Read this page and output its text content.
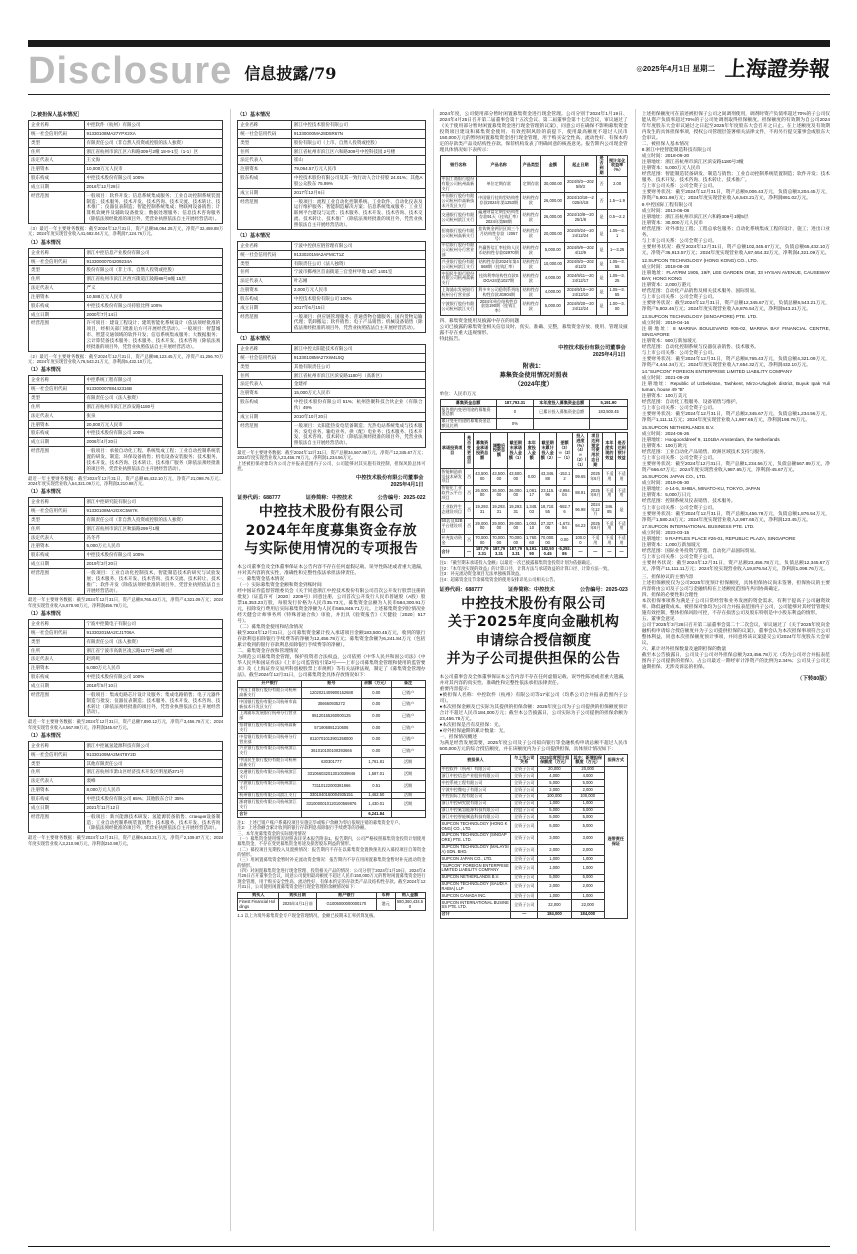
Disclosure 信息披露/79	◎2025年4月1日 星期二 上海證券報
［2.被担保人基本情况］
企业名称	中控软件（杭州）有限公司
统一社会信用代码	91330108MA27YPX2XA
类型	有限责任公司（非自然人投资或控股的法人独资）
住所	浙江省杭州市滨江区六和路309号2幢 18-9-1室（1-1）区
法定代表人	王文海
注册资本	10,000万元人民币
股东构成	中控技术股份有限公司 100%
成立日期	2016年12月28日
经营范围	一般项目：软件开发；信息系统集成服务；工业自动控制系统装置制造；技术服务、技术开发、技术咨询、技术交流、技术转让、技术推广；仪器仪表制造；智能控制系统集成；物联网设备销售；计算机软硬件及辅助设备批发；数据处理服务；信息技术咨询服务（除依法须经批准的项目外，凭营业执照依法自主开展经营活动）。
（3）最近一年主要财务数据：截至2024年12月31日，资产总额56,064.25万元，净资产32,459.88万元；2024年度实现营业收入41,682.04万元，净利润7,124.76万元。
（1）基本情况
企业名称	浙江中控信息产业股份有限公司
统一社会信用代码	91330000704209234A
类型	股份有限公司（非上市、自然人投资或控股）
住所	浙江省杭州市滨江区西兴街道江陵路88号6幢 15层
法定代表人	严义
注册资本	10,588万元人民币
股东构成	中控技术股份有限公司持股比例 100%
成立日期	2000年7月14日
经营范围	许可项目：建设工程设计；建筑智能化系统设计（依法须经批准的项目，经相关部门批准后方可开展经营活动）。一般项目：智慧城市、智慧交通领域的软件开发；信息系统集成服务；大数据服务；云计算装备技术服务；技术服务、技术开发、技术咨询（除依法须经批准的项目外，凭营业执照依法自主开展经营活动）。
（2）最近一年主要财务数据：截至2024年12月31日，资产总额98,123.45万元，净资产41,256.70万元；2024年度实现营业收入76,543.21万元，净利润5,432.10万元。
（1）基本情况
企业名称	中控系统工程有限公司
统一社会信用代码	91330000788442316B
类型	有限责任公司（法人独资）
住所	浙江省杭州市滨江区滨安路1180号
法定代表人	张泉
注册资本	20,000万元人民币
股东构成	中控技术股份有限公司 100%
成立日期	2006年4月20日
经营范围	一般项目：承接自动化工程、系统集成工程；工业自动控制系统装置的研发、制造；环保设备销售；机电设备安装服务；技术服务、技术开发、技术咨询、技术转让、技术推广服务（除依法须经批准的项目外，凭营业执照依法自主开展经营活动）。
最近一年主要财务数据：截至2024年12月31日，资产总额65,432.10万元，净资产21,098.76万元；2024年度实现营业收入54,321.09万元，净利润3,210.98万元。
（1）基本情况
企业名称	浙江中控研究院有限公司
统一社会信用代码	91330108MA2GXC5W7K
类型	有限责任公司（非自然人投资或控股的法人独资）
住所	浙江省杭州市滨江区秋溢路299号1幢
法定代表人	冯冬芹
注册资本	5,000万元人民币
股东构成	中控技术股份有限公司 100%
成立日期	2019年3月20日
经营范围	一般项目：工业自动化控制技术、智能制造技术的研究与试验发展；技术服务、技术开发、技术咨询、技术交流、技术转让、技术推广；软件开发（除依法须经批准的项目外，凭营业执照依法自主开展经营活动）。
最近一年主要财务数据：截至2024年12月31日，资产总额8,765.43万元，净资产4,321.09万元；2024年度实现营业收入5,678.90万元，净利润456.78万元。
（1）基本情况
企业名称	宁波中控微电子有限公司
统一社会信用代码	91330201MA2CJ1T06A
类型	有限责任公司（法人独资）
住所	浙江省宁波市高新区凌云路1177号29幢 4层
法定代表人	赵鸿鸣
注册资本	6,000万元人民币
股东构成	中控技术股份有限公司 100%
成立日期	2018年5月10日
经营范围	一般项目：集成电路芯片设计及服务；集成电路销售；电子元器件制造与批发；仪器仪表制造；技术服务、技术开发、技术咨询、技术转让（除依法须经批准的项目外，凭营业执照依法自主开展经营活动）。
最近一年主要财务数据：截至2024年12月31日，资产总额7,890.12万元，净资产3,456.78万元；2024年度实现营业收入4,567.89万元，净利润345.67万元。
（1）基本情况
企业名称	浙江中控氟氢能源科技有限公司
统一社会信用代码	91330109MA2M4T8Y2D
类型	其他有限责任公司
住所	浙江省杭州市萧山区经济技术开发区明星路371号
法定代表人	裘峰
注册资本	8,000万元人民币
股东构成	中控技术股份有限公司 65%；其他股东合计 35%
成立日期	2021年11月12日
经营范围	一般项目：新兴能源技术研发；氢能源装备销售；станция设备制造；工业自动控制系统装置销售；技术服务、技术开发、技术咨询（除依法须经批准的项目外，凭营业执照依法自主开展经营活动）。
最近一年主要财务数据：截至2024年12月31日，资产总额6,543.21万元，净资产2,109.87万元；2024年度实现营业收入3,210.98万元，净利润210.98万元。
（1）基本情况
企业名称	浙江中控技术股份有限公司
统一社会信用代码	91330000MA28D5R67N
类型	股份有限公司（上市、自然人投资或控股）
住所	浙江省杭州市滨江区六和路309号中控科技园 2号楼
法定代表人	崔山
注册资本	79,064.57万元人民币
股东构成	中控技术股份有限公司及其一致行动人合计持股 24.01%；其他A股公众股东 75.99%
成立日期	2017年12月6日
经营范围	一般项目：流程工业自动化控制系统、工业软件、自动化仪表及运行维护服务；智能制造解决方案；信息系统集成服务；工业互联网平台建设与运营；技术服务、技术开发、技术咨询、技术交流、技术转让、技术推广（除依法须经批准的项目外，凭营业执照依法自主开展经营活动）。
（1）基本情况
企业名称	宁波中控供应链管理有限公司
统一社会信用代码	91330201MA2AFMCT1Z
类型	有限责任公司（法人独资）
住所	宁波市鄞州区首南街道三官堂村甲地 14层 1401室
法定代表人	叶志刚
注册资本	2,000万元人民币
股东构成	中控技术股份有限公司 100%
成立日期	2017年6月15日
经营范围	一般项目：供应链管理服务；普通货物仓储服务；国内货物运输代理；装卸搬运；软件销售；电子产品销售；机械设备销售（除依法须经批准的项目外，凭营业执照依法自主开展经营活动）。
（1）基本情况
企业名称	浙江中控太阳能技术有限公司
统一社会信用代码	91330108MA27XW4L5Q
类型	其他有限责任公司
住所	浙江省杭州市滨江区滨安路1180号（高新区）
法定代表人	金建祥
注册资本	15,000万元人民币
股东构成	中控技术股份有限公司 51%；杭州热聚科技合伙企业（有限合伙）49%
成立日期	2010年10月20日
经营范围	一般项目：太阳能热发电装备制造；光热电站系统集成与技术服务；发电业务、输电业务、供（配）电业务；技术服务、技术开发、技术咨询、技术转让（除依法须经批准的项目外，凭营业执照依法自主开展经营活动）。
最近一年主要财务数据：截至2024年12月31日，资产总额34,567.89万元，净资产12,345.67万元；2024年度实现营业收入23,456.78万元，净利润1,234.56万元。
上述被担保对象均为公司合并报表范围内子公司，公司能够对其实施有效控制，担保风险总体可控。
中控技术股份有限公司董事会
2025年4月1日
证券代码：688777	证券简称：中控技术	公告编号：2025-022
中控技术股份有限公司
2024年年度募集资金存放
与实际使用情况的专项报告
本公司董事会及全体董事保证本公告内容不存在任何虚假记载、误导性陈述或者重大遗漏，并对其内容的真实性、准确性和完整性依法承担法律责任。
一、募集资金基本情况
（一）实际募集资金金额和资金到账时间
经中国证券监督管理委员会《关于同意浙江中控技术股份有限公司首次公开发行股票注册的批复》（证监许可〔2020〕2209号）同意注册，公司首次公开发行人民币普通股（A股）股票16,353.23万股，每股发行价格为人民币35.73元，募集资金总额为人民币584,300.91万元，扣除发行费用后实际募集资金净额为人民币565,849.71万元。上述募集资金到位情况业经天健会计师事务所（特殊普通合伙）审验，并出具《验资报告》（天健验〔2020〕517号）。
（二）募集资金使用和结余情况
截至2024年12月31日，公司募集资金累计投入承诺项目金额183,500.45万元，收到的银行存款利息扣除银行手续费等的净额为12,456.78万元；募集资金余额为6,241.84万元（包括累计收到的银行存款利息扣除银行手续费等的净额）。
二、募集资金存放和管理情况
为规范公司募集资金管理，保护投资者合法权益，公司依照《中华人民共和国公司法》《中华人民共和国证券法》《上市公司监管指引第2号——上市公司募集资金管理和使用的监管要求》及《上海证券交易所科创板股票上市规则》等有关法律法规，制定了《募集资金管理办法》。截至2024年12月31日，公司募集资金具体存放情况如下：
开户银行	账号	余额（万元）	备注
中国工商银行股份有限公司杭州高新支行	1202021409900152688	0.00	已销户
中国银行股份有限公司杭州市高新技术开发区支行	356660935272	0.00	已销户
上海浦东发展银行杭州分行营业部	95120155260000125	0.00	已销户
招商银行股份有限公司杭州高新支行	571906881210606	0.00	已销户
中信银行股份有限公司杭州分行营业部	8110701013901358000	0.00	已销户
兴业银行股份有限公司杭州滨江支行	361010100100393666	0.00	已销户
中国民生银行股份有限公司杭州高新支行	630301777	1,761.81	活期
交通银行股份有限公司杭州滨江支行	331066032013010039846	1,587.01	活期
宁波银行股份有限公司杭州滨江支行	73110122000381966	0.51	活期
杭州银行股份有限公司滨江支行	3301040160004935151	1,462.50	活期
浙商银行股份有限公司杭州滨江支行	3310000010120100569876	1,430.01	活期
合计		6,241.84	
注1：上述已销户账户系募投项目实施完毕或账户余额为零后依规注销的募集资金专户。
注2：上述余额含累计收到的银行存款利息扣除银行手续费等的净额。
三、本年度募集资金的实际使用情况
（一）募集资金使用情况对照表详见本报告附表1。报告期内，公司严格按照募集资金投资计划使用募集资金，不存在变更募集资金用途及损害股东利益的情形。
（二）募投项目先期投入及置换情况：报告期内不存在以募集资金置换预先投入募投项目自筹资金的情形。
（三）用闲置募集资金暂时补充流动资金情况：报告期内不存在用闲置募集资金暂时补充流动资金的情形。
（四）对闲置募集资金进行现金管理、投资相关产品的情况：公司分别于2024年1月19日、2024年4月25日召开董事会会议，同意公司使用最高额度不超过人民币150,000万元的暂时闲置募集资金进行现金管理，用于购买安全性高、流动性好、有保本约定的存款类产品及结构性存款。截至2024年12月31日，公司使用闲置募集资金进行现金管理的余额情况如下：
购买人	购买日期	账户银行	币种	购入金额
Finest Financial Holdings	2025年4月1日前	G1005000000000170	港元	580,360,434.50
1.1 以上为境外募集资金专户现金管理情况，金额已按期末汇率折算复核。
2024年度，公司使用部分暂时闲置募集资金进行现金管理。公司分别于2024年1月19日、2024年4月25日召开第二届董事会第十五次会议、第二届董事会第十七次会议，审议通过了《关于使用部分暂时闲置募集资金进行现金管理的议案》，同意公司在确保不影响募集资金投资项目建设和募集资金使用、有效控制风险的前提下，使用最高额度不超过人民币150,000万元的暂时闲置募集资金进行现金管理，用于购买安全性高、流动性好、有保本约定的存款类产品及结构性存款。保荐机构发表了明确同意的核查意见。报告期内公司现金管理具体情况如下表所示：
银行名称	产品名称	产品类型	金额	起止日期	是否到期	预计年化收益率（%）
中国工商银行股份有限公司杭州高新支行	单位定期存款	定期存款	30,000.00	2024/9/3—2025/9/3	否	2.00
中国银行股份有限公司杭州市高新技术开发区支行	中国银行挂钩型结构性存款2024年第1253期	结构性存款	26,000.00	2024/10/18—2025/4/18	否	1.5—1.9
交通银行股份有限公司杭州滨江支行	蕴通财富定期型结构性存款91天（挂钩汇率）2024年第58期	结构性存款	26,000.00	2024/10/8—2025/1/8	是	0.5—2.2
招商银行股份有限公司杭州高新支行	挂钩黄金两层区间三个月结构性存款（2067号）	结构性存款	20,000.00	2024/9/24—2024/12/24	是	1.05—3.1
中信银行股份有限公司杭州分行营业部	共赢智信汇率挂钩人民币结构性存款02970期	结构性存款	5,000.00	2024/9/9—2024/12/9	是	1—3.25
兴业银行股份有限公司杭州滨江支行	结构性存款2024年第4568期（挂钩汇率）	结构性存款	10,000.00	2024/9/3—2024/12/3	是	1.05—3.55
中国民生银行股份有限公司杭州高新支行	挂钩利率结构性存款SDGA24第1027期	结构性存款	4,000.00	2024/9/11—2024/12/17	是	1.05—3.25
上海浦东发展银行杭州分行营业部	利多多公司稳利系列结构性存款JG904期	结构性存款	4,000.00	2024/9/10—2024/12/10	是	1.05—3.55
宁波银行股份有限公司杭州滨江支行	2024年单位结构性存款第190期（挂钩汇率）	结构性存款	5,000.00	2024/9/20—2024/12/24	是	1.00—3.00
四、募集资金使用及披露中存在的问题
公司已披露的募集资金相关信息及时、真实、准确、完整，募集资金存放、使用、管理及披露不存在重大违规情形。
特此报告。
中控技术股份有限公司董事会
2025年4月1日
附表1：
募集资金使用情况对照表
（2024年度）
单位：人民币万元
募集资金总额	187,793.31	本年度投入募集资金总额	5,191.90
报告期内变更用途的募集资金总额	0	已累计投入募集资金总额	183,500.45
累计变更用途的募集资金总额及比例	0%		
承诺投资项目	是否变更项目	募集资金承诺投资总额	调整后投资总额	截至期末承诺投入金额（1）	本年度投入金额	截至期末累计投入金额（2）	差额（3）＝（2）－（1）	投入进度（%）（4）＝（2）/（1）	项目达到预定可使用状态日期	本年度实现的效益	是否达到预计效益
智能制造前沿技术研发项目	否	43,500.00	43,500.00	43,500.00	0.00	43,346.88	-153.12	99.65	2025年6月	不适用	不适用
智能化工业软件云平台项目	否	26,000.00	26,000.00	26,000.00	1,081.17	23,115.96	-2,884.04	88.91	2025年6月	不适用	不适用
工业软件生态建设项目	否	19,293.31	19,293.31	19,293.31	1,348.03	18,710.55	-582.76	96.98	2024年12月	346.85	是
5S店及S2B平台建设项目	否	29,000.00	29,000.00	29,000.00	1,002.10	27,327.06	-1,672.94	94.23	2025年6月	不适用	不适用
补充流动资金	否	70,000.00	70,000.00	70,000.00	1,760.60	70,000.00	0.00	100.00	不适用	不适用	不适用
合计	—	187,793.31	187,793.31	187,793.31	5,191.90	182,500.45	-5,292.86	—	—	—	—
注1：『截至期末承诺投入金额』以最近一次已披露募集资金投资计划为依据确定。
注2：『本年度实现的效益』的计算口径、计算方法与承诺效益的计算口径、计算方法一致。
注3：补充流动资金项目无法单独核算效益。
注4：超募资金及节余募集资金的使用安排详见公司相关公告。
证券代码：688777	证券简称：中控技术	公告编号：2025-023
中控技术股份有限公司
关于2025年度向金融机构
申请综合授信额度
并为子公司提供担保的公告
本公司董事会及全体董事保证本公告内容不存在任何虚假记载、误导性陈述或者重大遗漏，并对其内容的真实性、准确性和完整性依法承担法律责任。
重要内容提示：
●被担保人名称：中控软件（杭州）有限公司等17家公司（均系公司合并报表范围内子公司）。
●本次担保金额及已实际为其提供的担保余额：2025年度公司为子公司提供的担保额度预计合计不超过人民币184,000万元；截至本公告披露日，公司实际为子公司提供的担保余额为23,456.78万元。
●本次担保是否有反担保：无。
●对外担保逾期的累计数量：无。
一、担保情况概述
为满足经营发展需要，2025年度公司及子公司拟向银行等金融机构申请总额不超过人民币500,000万元的综合授信额度，并在该额度内为子公司提供担保，具体预计情况如下：
被担保人	与上市公司关系	2025年度预计担保额度（万元）	其中：新增担保额度（万元）	担保方式
中控软件（杭州）有限公司	全资子公司	20,000	20,000	连带责任保证
浙江中控信息产业股份有限公司	全资子公司	4,000	4,000	
中控系统工程有限公司	全资子公司	5,000	5,000	
宁波中控微电子有限公司	全资子公司	2,000	2,000	
中控国际工程有限公司	全资子公司	100,000	100,000	
浙江中控研究院有限公司	全资子公司	1,000	1,000	
浙江中控氟氢能源科技有限公司	控股子公司	5,000	5,000	
浙江中控智能制造科技有限公司	全资子公司	5,000	5,000	
SUPCON TECHNOLOGY (HONG KONG) CO., LTD.	全资子公司	5,000	5,000	
SUPCON TECHNOLOGY (SINGAPORE) PTE. LTD.	全资子公司	3,000	3,000	
SUPCON TECHNOLOGY (MALAYSIA) SDN. BHD.	全资子公司	2,000	2,000	
SUPCON JAPAN CO., LTD.	全资子公司	1,000	1,000	
“SUPCON” FOREIGN ENTERPRISE LIMITED LIABILITY COMPANY	全资子公司	1,000	1,000	
SUPCON NETHERLANDS B.V.	全资子公司	5,000	5,000	
SUPCON TECHNOLOGY (SAUDI ARABIA) LLP	全资子公司	2,000	2,000	
SUPCON CANADA INC.	全资子公司	1,000	1,000	
SUPCON INTERNATIONAL BUSINESS PTE. LTD.	全资子公司	22,000	22,000	
合计	—	184,000	184,000	
上述担保额度可在前述被担保子公司之间调剂使用，调剂时资产负债率超过70%的子公司仅能从资产负债率超过70%的子公司处调剂取得担保额度。担保额度的有效期为自公司2024年年度股东大会审议通过之日起至2025年年度股东大会召开之日止。在上述额度及有效期内发生的具体担保事项，授权公司管理层签署相关法律文件，不再另行提交董事会或股东大会审议。
二、被担保人基本情况
8.浙江中控智能制造科技有限公司
成立时间：2018-09-20
注册地址：浙江省杭州市滨江区滨安路1180号3幢
注册资本：5,000万元人民币
经营范围：智能制造装备研发、制造与销售；工业自动控制系统装置制造；软件开发；技术服务、技术开发、技术咨询、技术转让、技术推广。
与上市公司关系：公司全资子公司。
主要财务状况：截至2024年12月31日，资产总额9,006.43万元，负债总额3,204.45万元，净资产5,801.98万元；2024年度实现营业收入6,543.21万元，净利润891.02万元。
9.中控国际工程有限公司
成立时间：2013-06-08
注册地址：浙江省杭州市滨江区六和路309号1幢5层
注册资本：30,000万元人民币
经营范围：对外承包工程；工程总承包服务；自动化系统集成工程的设计、施工；进出口业务。
与上市公司关系：公司全资子公司。
主要财务状况：截至2024年12月31日，资产总额102,345.67万元，负债总额65,432.10万元，净资产36,913.57万元；2024年度实现营业收入87,654.32万元，净利润4,321.09万元。
12.SUPCON TECHNOLOGY (HONG KONG) CO., LTD.
成立时间：2018-08-28
注册地址：FLAT/RM 1905, 19/F, LEE GARDEN ONE, 33 HYSAN AVENUE, CAUSEWAY BAY, HONG KONG
注册资本：2,000万港元
经营范围：自动化产品销售及相关技术服务、国际贸易。
与上市公司关系：公司全资子公司。
主要财务状况：截至2024年12月31日，资产总额12,345.67万元，负债总额6,543.21万元，净资产5,802.46万元；2024年度实现营业收入9,876.54万元，净利润543.21万元。
13.SUPCON TECHNOLOGY (SINGAPORE) PTE. LTD.
成立时间：2019-04-16
注册地址：8 MARINA BOULEVARD #05-02, MARINA BAY FINANCIAL CENTRE, SINGAPORE
注册资本：500万新加坡元
经营范围：自动化控制系统与仪器仪表销售、技术服务。
与上市公司关系：公司全资子公司。
主要财务状况：截至2024年12月31日，资产总额8,765.43万元，负债总额4,321.09万元，净资产4,444.34万元；2024年度实现营业收入7,654.32万元，净利润432.10万元。
14.“SUPCON” FOREIGN ENTERPRISE LIMITED LIABILITY COMPANY
成立时间：2021-09-29
注册地址：Republic of Uzbekistan, Tashkent, Mirzo-Ulugbek district, Buyuk Ipak Yuli tuman, house 49 “B”
注册资本：100万美元
经营范围：自动化工程服务、设备销售与维护。
与上市公司关系：公司全资子公司。
主要财务状况：截至2024年12月31日，资产总额2,345.67万元，负债总额1,234.56万元，净资产1,111.11万元；2024年度实现营业收入1,987.65万元，净利润198.76万元。
15.SUPCON NETHERLANDS B.V.
成立时间：2024-06-26
注册地址：Hoogoorddreef 9, 1101BA Amsterdam, the Netherlands
注册资本：100万欧元
经营范围：工业自动化产品销售、欧洲区域技术支持与服务。
与上市公司关系：公司全资子公司。
主要财务状况：截至2024年12月31日，资产总额1,234.56万元，负债总额567.89万元，净资产666.67万元；2024年度实现营业收入987.65万元，净利润-45.67万元。
16.SUPCON JAPAN CO., LTD.
成立时间：2019-05-30
注册地址：4-14-5, SHIBA, MINATO-KU, TOKYO, JAPAN
注册资本：5,000万日元
经营范围：控制系统及仪表销售、技术服务。
与上市公司关系：公司全资子公司。
主要财务状况：截至2024年12月31日，资产总额3,456.78万元，负债总额1,876.54万元，净资产1,580.24万元；2024年度实现营业收入2,987.65万元，净利润123.45万元。
17.SUPCON INTERNATIONAL BUSINESS PTE. LTD.
成立时间：2023-03-15
注册地址：9 RAFFLES PLACE #26-01, REPUBLIC PLAZA, SINGAPORE
注册资本：1,000万新加坡元
经营范围：国际业务投资与管理、自动化产品国际贸易。
与上市公司关系：公司全资子公司。
主要财务状况：截至2024年12月31日，资产总额23,456.78万元，负债总额12,345.67万元，净资产11,111.11万元；2024年度实现营业收入19,876.54万元，净利润1,098.76万元。
三、担保协议的主要内容
上述担保额度仅为公司2025年度预计担保额度，具体担保协议尚未签署，担保协议的主要内容将由公司及子公司与金融机构在上述额度范围内共同协商确定。
四、担保的必要性和合理性
本次担保事项系为满足子公司日常经营和业务发展的资金需求，有利于提高子公司融资效率、降低融资成本。被担保对象均为公司合并报表范围内子公司，公司能够对其经营管理实施有效控制，整体担保风险可控，不存在损害公司及股东特别是中小股东利益的情形。
五、董事会意见
公司于2025年3月28日召开第二届董事会第二十二次会议，审议通过了《关于2025年度向金融机构申请综合授信额度并为子公司提供担保的议案》，董事会认为本次担保事项符合公司整体利益，同意本次担保额度预计事项，并同意将该议案提交公司2024年年度股东大会审议。
六、累计对外担保数量及逾期担保的数量
截至本公告披露日，公司及子公司对外担保总额为23,456.78万元（均为公司对合并报表范围内子公司提供的担保），占公司最近一期经审计净资产的比例为2.34%；公司及子公司无逾期担保、无涉及诉讼的担保。
（下转80版）
